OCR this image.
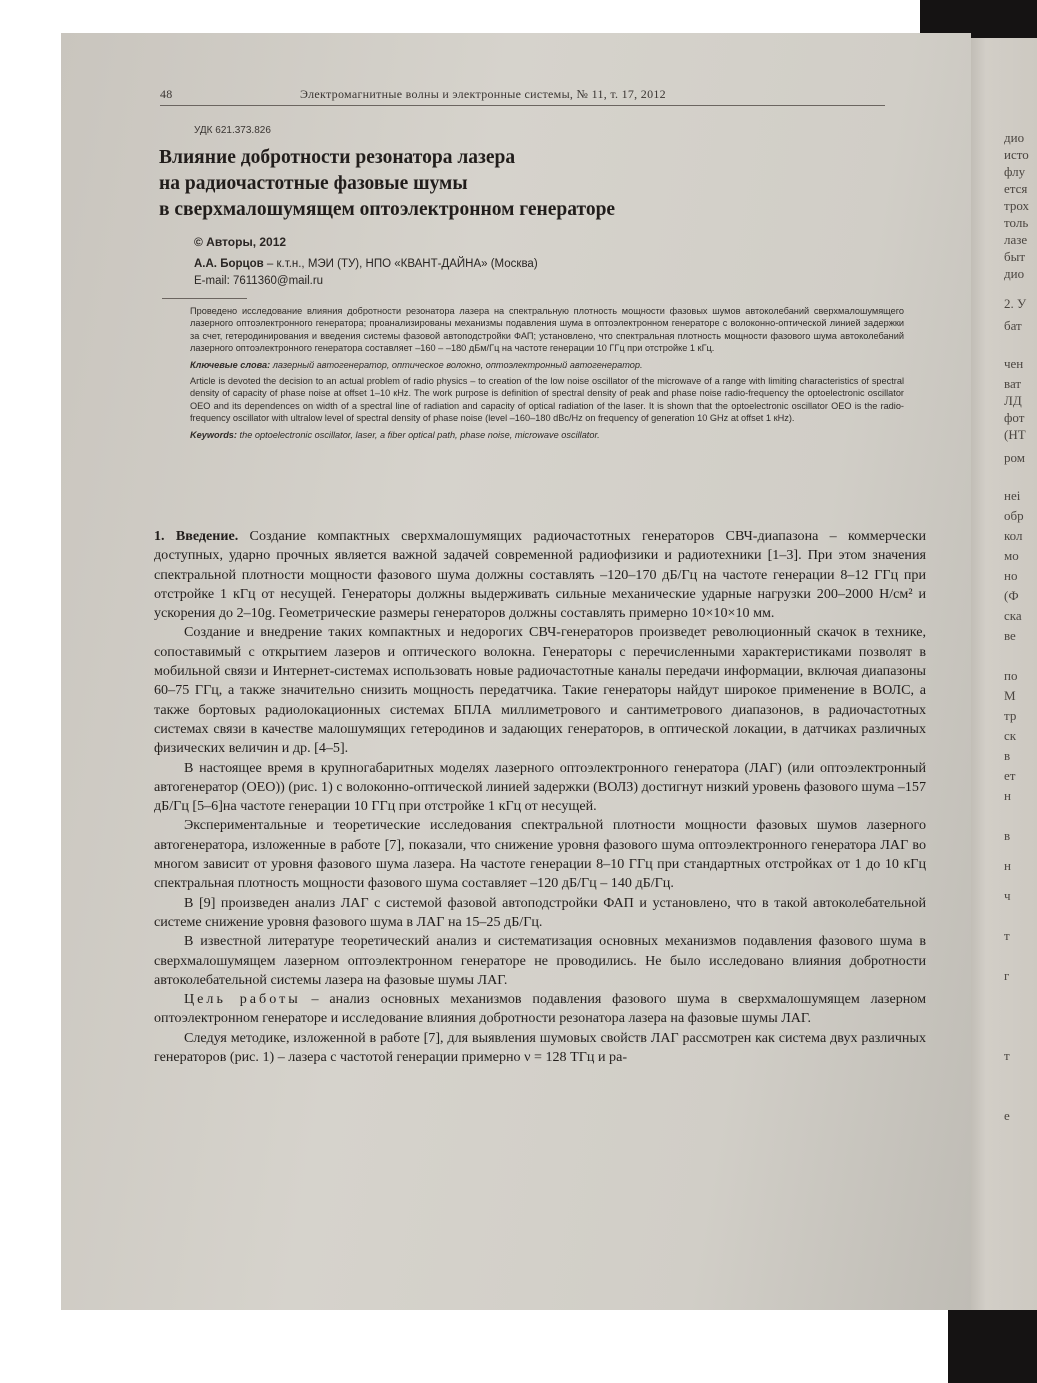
дио
исто
флу
ется
трох
толь
лазе
быт
дио
2. У
бат
чен
ват
ЛД
фот
(НТ
ром
неі
обр
кол
мо
но
(Ф
ска
ве
по
М
тр
ск
в
ет
н
в
н
ч
т
г
т
е
48	Электромагнитные волны и электронные системы, № 11, т. 17, 2012
УДК 621.373.826
Влияние добротности резонатора лазера
на радиочастотные фазовые шумы
в сверхмалошумящем оптоэлектронном генераторе
© Авторы, 2012
А.А. Борцов – к.т.н., МЭИ (ТУ), НПО «КВАНТ-ДАЙНА» (Москва)
E-mail: 7611360@mail.ru

Проведено исследование влияния добротности резонатора лазера на спектральную плотность мощности фазовых шумов автоколебаний сверхмалошумящего лазерного оптоэлектронного генератора; проанализированы механизмы подавления шума в оптоэлектронном генераторе с волоконно-оптической линией задержки за счет, гетеродинирования и введения системы фазовой автоподстройки ФАП; установлено, что спектральная плотность мощности фазового шума автоколебаний лазерного оптоэлектронного генератора составляет –160 – –180 дБм/Гц на частоте генерации 10 ГГц при отстройке 1 кГц.

Ключевые слова: лазерный автогенератор, оптическое волокно, оптоэлектронный автогенератор.

Article is devoted the decision to an actual problem of radio physics – to creation of the low noise oscillator of the microwave of a range with limiting characteristics of spectral density of capacity of phase noise at offset 1–10 кHz. The work purpose is definition of spectral density of peak and phase noise radio-frequency the optoelectronic oscillator OEO and its dependences on width of a spectral line of radiation and capacity of optical radiation of the laser. It is shown that the optoelectronic oscillator OEO is the radio-frequency oscillator with ultralow level of spectral density of phase noise (level –160–180 dBc/Hz on frequency of generation 10 GHz at offset 1 кHz).

Keywords: the optoelectronic oscillator, laser, a fiber optical path, phase noise, microwave oscillator.

1. Введение. Создание компактных сверхмалошумящих радиочастотных генераторов СВЧ-диапазона – коммерчески доступных, ударно прочных является важной задачей современной радиофизики и радиотехники [1–3]. При этом значения спектральной плотности мощности фазового шума должны составлять –120–170 дБ/Гц на частоте генерации 8–12 ГГц при отстройке 1 кГц от несущей. Генераторы должны выдерживать сильные механические ударные нагрузки 200–2000 Н/см² и ускорения до 2–10g. Геометрические размеры генераторов должны составлять примерно 10×10×10 мм.

Создание и внедрение таких компактных и недорогих СВЧ-генераторов произведет революционный скачок в технике, сопоставимый с открытием лазеров и оптического волокна. Генераторы с перечисленными характеристиками позволят в мобильной связи и Интернет-системах использовать новые радиочастотные каналы передачи информации, включая диапазоны 60–75 ГГц, а также значительно снизить мощность передатчика. Такие генераторы найдут широкое применение в ВОЛС, а также бортовых радиолокационных системах БПЛА миллиметрового и сантиметрового диапазонов, в радиочастотных системах связи в качестве малошумящих гетеродинов и задающих генераторов, в оптической локации, в датчиках различных физических величин и др. [4–5].

В настоящее время в крупногабаритных моделях лазерного оптоэлектронного генератора (ЛАГ) (или оптоэлектронный автогенератор (OEO)) (рис. 1) с волоконно-оптической линией задержки (ВОЛЗ) достигнут низкий уровень фазового шума –157 дБ/Гц [5–6]на частоте генерации 10 ГГц при отстройке 1 кГц от несущей.

Экспериментальные и теоретические исследования спектральной плотности мощности фазовых шумов лазерного автогенератора, изложенные в работе [7], показали, что снижение уровня фазового шума оптоэлектронного генератора ЛАГ во многом зависит от уровня фазового шума лазера. На частоте генерации 8–10 ГГц при стандартных отстройках от 1 до 10 кГц спектральная плотность мощности фазового шума составляет –120 дБ/Гц – 140 дБ/Гц.

В [9] произведен анализ ЛАГ с системой фазовой автоподстройки ФАП и установлено, что в такой автоколебательной системе снижение уровня фазового шума в ЛАГ на 15–25 дБ/Гц.

В известной литературе теоретический анализ и систематизация основных механизмов подавления фазового шума в сверхмалошумящем лазерном оптоэлектронном генераторе не проводились. Не было исследовано влияния добротности автоколебательной системы лазера на фазовые шумы ЛАГ.

Цель работы – анализ основных механизмов подавления фазового шума в сверхмалошумящем лазерном оптоэлектронном генераторе и исследование влияния добротности резонатора лазера на фазовые шумы ЛАГ.

Следуя методике, изложенной в работе [7], для выявления шумовых свойств ЛАГ рассмотрен как система двух различных генераторов (рис. 1) – лазера с частотой генерации примерно ν = 128 ТГц и ра-
